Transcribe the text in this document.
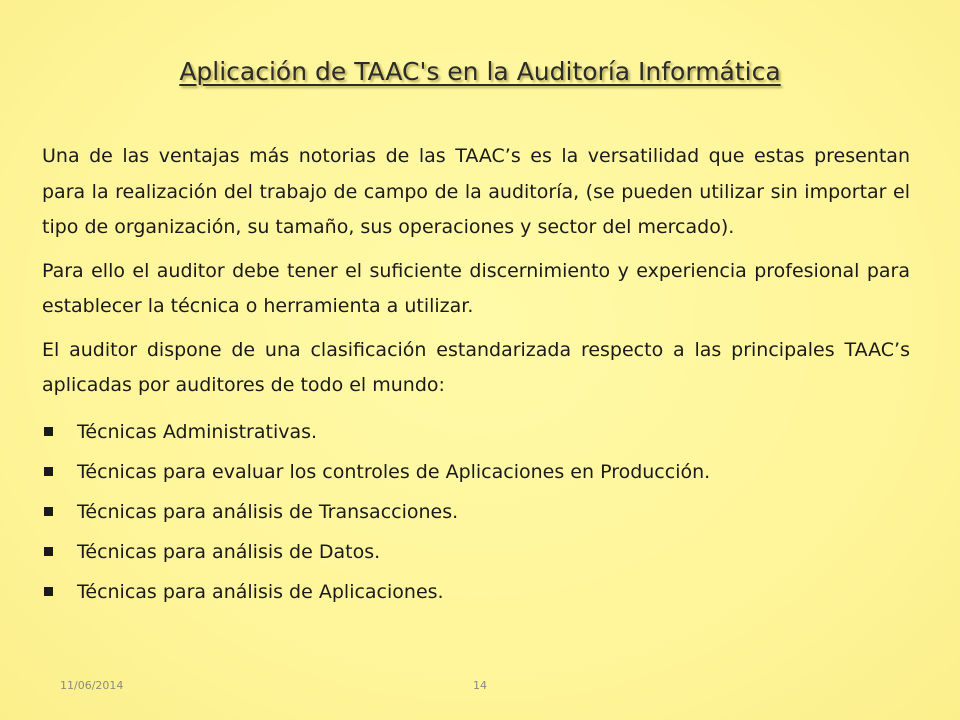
Aplicación de TAAC's en la Auditoría Informática

Una de las ventajas más notorias de las TAAC’s es la versatilidad que estas presentan para la realización del trabajo de campo de la auditoría, (se pueden utilizar sin importar el tipo de organización, su tamaño, sus operaciones y sector del mercado).

Para ello el auditor debe tener el suficiente discernimiento y experiencia profesional para establecer la técnica o herramienta a utilizar.

El auditor dispone de una clasificación estandarizada respecto a las principales TAAC’s aplicadas por auditores de todo el mundo:

Técnicas Administrativas.
Técnicas para evaluar los controles de Aplicaciones en Producción.
Técnicas para análisis de Transacciones.
Técnicas para análisis de Datos.
Técnicas para análisis de Aplicaciones.
11/06/2014	14
